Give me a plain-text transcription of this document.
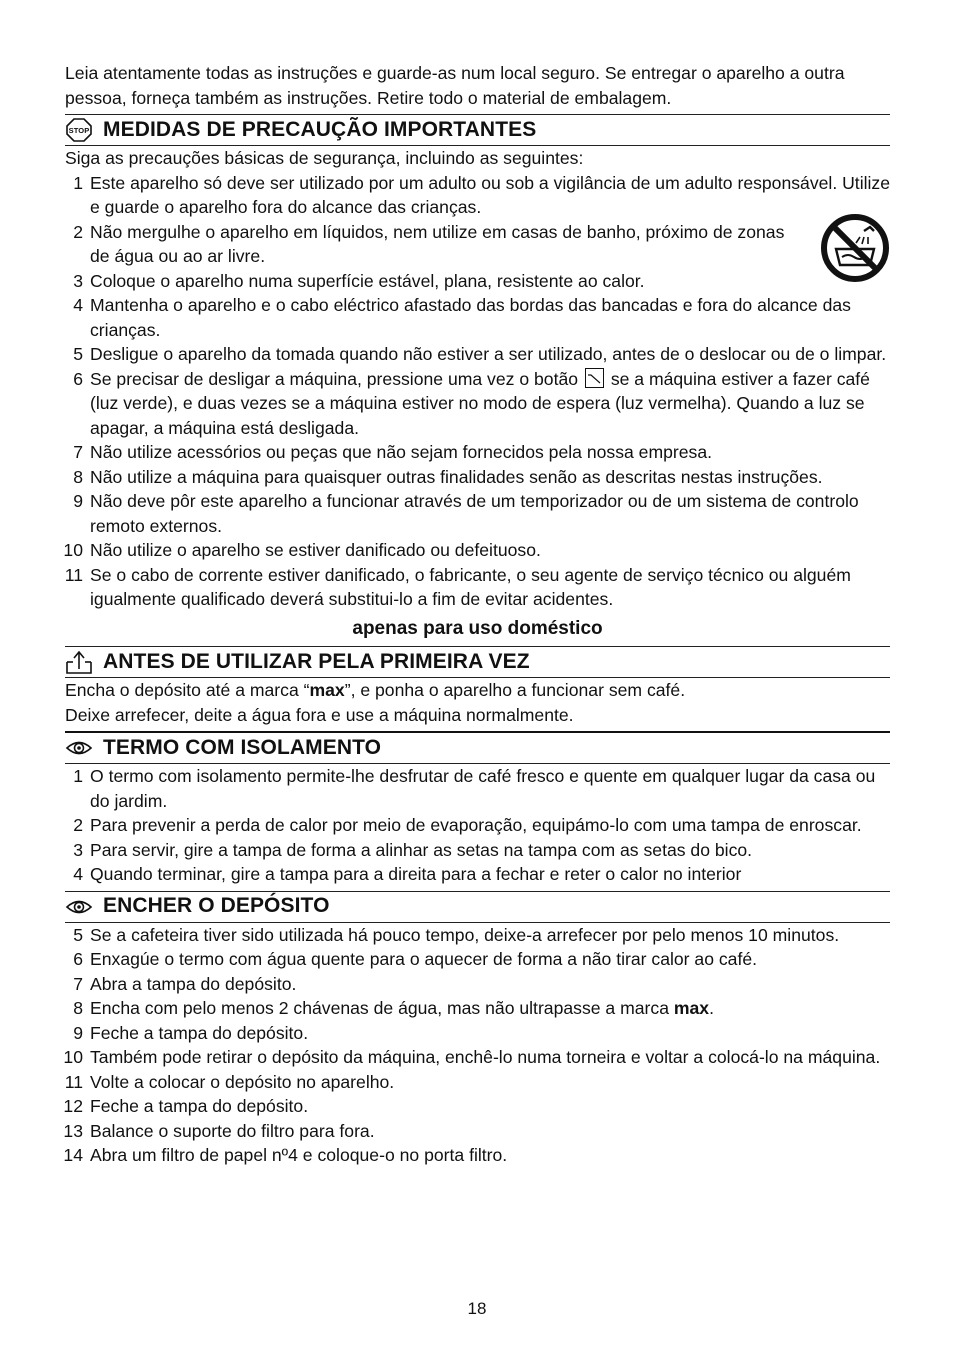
Leia atentamente todas as instruções e guarde-as num local seguro. Se entregar o aparelho a outra pessoa, forneça também as instruções. Retire todo o material de embalagem.

STOP MEDIDAS DE PRECAUÇÃO IMPORTANTES

Siga as precauções básicas de segurança, incluindo as seguintes:

1 Este aparelho só deve ser utilizado por um adulto ou sob a vigilância de um adulto responsável. Utilize e guarde o aparelho fora do alcance das crianças.
2 Não mergulhe o aparelho em líquidos, nem utilize em casas de banho, próximo de zonas de água ou ao ar livre.
3 Coloque o aparelho numa superfície estável, plana, resistente ao calor.
4 Mantenha o aparelho e o cabo eléctrico afastado das bordas das bancadas e fora do alcance das crianças.
5 Desligue o aparelho da tomada quando não estiver a ser utilizado, antes de o deslocar ou de o limpar.
6 Se precisar de desligar a máquina, pressione uma vez o botão se a máquina estiver a fazer café (luz verde), e duas vezes se a máquina estiver no modo de espera (luz vermelha). Quando a luz se apagar, a máquina está desligada.
7 Não utilize acessórios ou peças que não sejam fornecidos pela nossa empresa.
8 Não utilize a máquina para quaisquer outras finalidades senão as descritas nestas instruções.
9 Não deve pôr este aparelho a funcionar através de um temporizador ou de um sistema de controlo remoto externos.
10 Não utilize o aparelho se estiver danificado ou defeituoso.
11 Se o cabo de corrente estiver danificado, o fabricante, o seu agente de serviço técnico ou alguém igualmente qualificado deverá substitui-lo a fim de evitar acidentes.

apenas para uso doméstico

ANTES DE UTILIZAR PELA PRIMEIRA VEZ

Encha o depósito até a marca “max”, e ponha o aparelho a funcionar sem café.

Deixe arrefecer, deite a água fora e use a máquina normalmente.

TERMO COM ISOLAMENTO
1 O termo com isolamento permite-lhe desfrutar de café fresco e quente em qualquer lugar da casa ou do jardim.
2 Para prevenir a perda de calor por meio de evaporação, equipámo-lo com uma tampa de enroscar.
3 Para servir, gire a tampa de forma a alinhar as setas na tampa com as setas do bico.
4 Quando terminar, gire a tampa para a direita para a fechar e reter o calor no interior
ENCHER O DEPÓSITO
5 Se a cafeteira tiver sido utilizada há pouco tempo, deixe-a arrefecer por pelo menos 10 minutos.
6 Enxagúe o termo com água quente para o aquecer de forma a não tirar calor ao café.
7 Abra a tampa do depósito.
8 Encha com pelo menos 2 chávenas de água, mas não ultrapasse a marca max.
9 Feche a tampa do depósito.
10 Também pode retirar o depósito da máquina, enchê-lo numa torneira e voltar a colocá-lo na máquina.
11 Volte a colocar o depósito no aparelho.
12 Feche a tampa do depósito.
13 Balance o suporte do filtro para fora.
14 Abra um filtro de papel nº4 e coloque-o no porta filtro.
18
